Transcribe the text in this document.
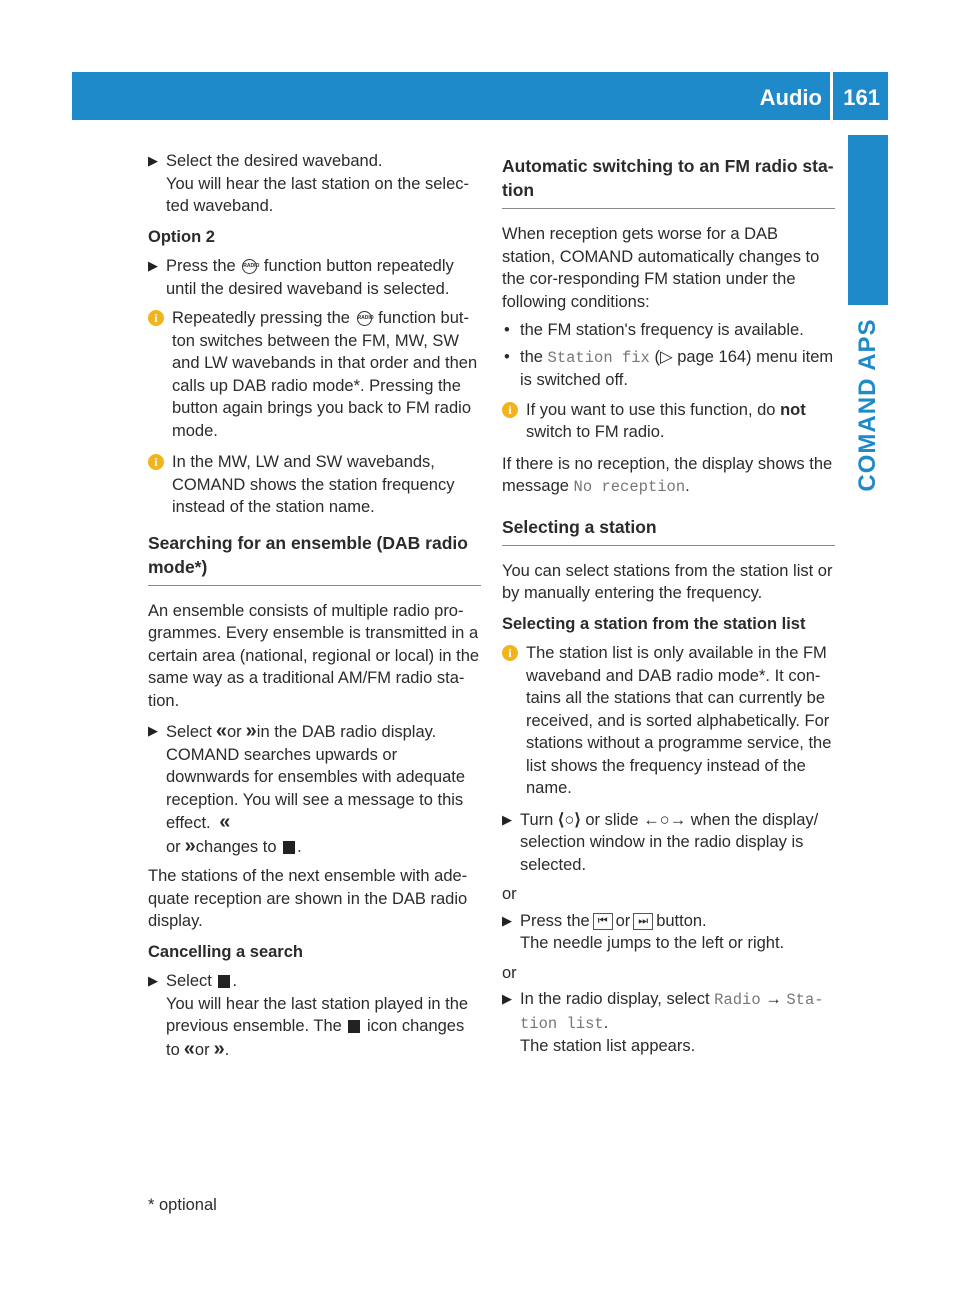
Audio 161
COMAND APS
▶ Select the desired waveband.

You will hear the last station on the selec-ted waveband.

Option 2

▶ Press the RADIO function button repeatedly until the desired waveband is selected.
i Repeatedly pressing the RADIO function but-ton switches between the FM, MW, SW and LW wavebands in that order and then calls up DAB radio mode*. Pressing the button again brings you back to FM radio mode.
i In the MW, LW and SW wavebands, COMAND shows the station frequency instead of the station name.
Searching for an ensemble (DAB radio mode*)

An ensemble consists of multiple radio pro-grammes. Every ensemble is transmitted in a certain area (national, regional or local) in the same way as a traditional AM/FM radio sta-tion.

▶ Select « or » in the DAB radio display.

COMAND searches upwards or downwards for ensembles with adequate reception. You will see a message to this effect. «

or » changes to .

The stations of the next ensemble with ade-quate reception are shown in the DAB radio display.

Cancelling a search

▶ Select .

You will hear the last station played in the previous ensemble. The icon changes

to « or » .

Automatic switching to an FM radio sta-tion

When reception gets worse for a DAB station, COMAND automatically changes to the cor-responding FM station under the following conditions:

• the FM station's frequency is available.
• the Station fix (▷ page 164) menu item is switched off.
i If you want to use this function, do not switch to FM radio.

If there is no reception, the display shows the message No reception.

Selecting a station

You can select stations from the station list or by manually entering the frequency.

Selecting a station from the station list

i The station list is only available in the FM waveband and DAB radio mode*. It con-tains all the stations that can currently be received, and is sorted alphabetically. For stations without a programme service, the list shows the frequency instead of the name.
▶ Turn ⟨○⟩ or slide ←○→ when the display/ selection window in the radio display is selected.

or

▶ Press the ⏮ or ⏭ button.

The needle jumps to the left or right.

or

▶ In the radio display, select Radio → Sta-tion list.

The station list appears.

* optional
